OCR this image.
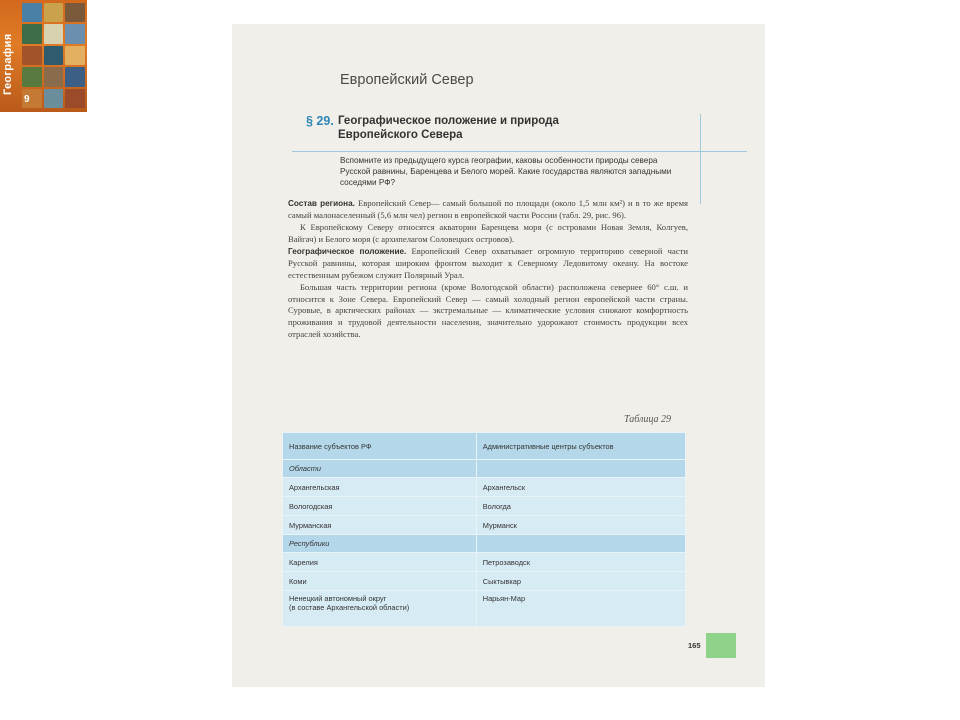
География
9
Европейский Север
§ 29. Географическое положение и природа
Европейского Севера
Вспомните из предыдущего курса географии, каковы особенности природы севера Русской равнины, Баренцева и Белого морей. Какие государства являются западными соседями РФ?

Состав региона. Европейский Север— самый большой по площади (около 1,5 млн км²) и в то же время самый малонаселенный (5,6 млн чел) регион в европейской части России (табл. 29, рис. 96).

К Европейскому Северу относятся акватории Баренцева моря (с островами Новая Земля, Колгуев, Вайгач) и Белого моря (с архипелагом Соловецких островов).

Географическое положение. Европейский Север охватывает огромную территорию северной части Русской равнины, которая широким фронтом выходит к Северному Ледовитому океану. На востоке естественным рубежом служит Полярный Урал.

Большая часть территории региона (кроме Вологодской области) расположена севернее 60° с.ш. и относится к Зоне Севера. Европейский Север — самый холодный регион европейской части страны. Суровые, в арктических районах — экстремальные — климатические условия снижают комфортность проживания и трудовой деятельности населения, значительно удорожают стоимость продукции всех отраслей хозяйства.

Таблица 29
Название субъектов РФ	Административные центры субъектов
Области	
Архангельская	Архангельск
Вологодская	Вологда
Мурманская	Мурманск
Республики	
Карелия	Петрозаводск
Коми	Сыктывкар
Ненецкий автономный округ
(в составе Архангельской области)	Нарьян-Мар
165
